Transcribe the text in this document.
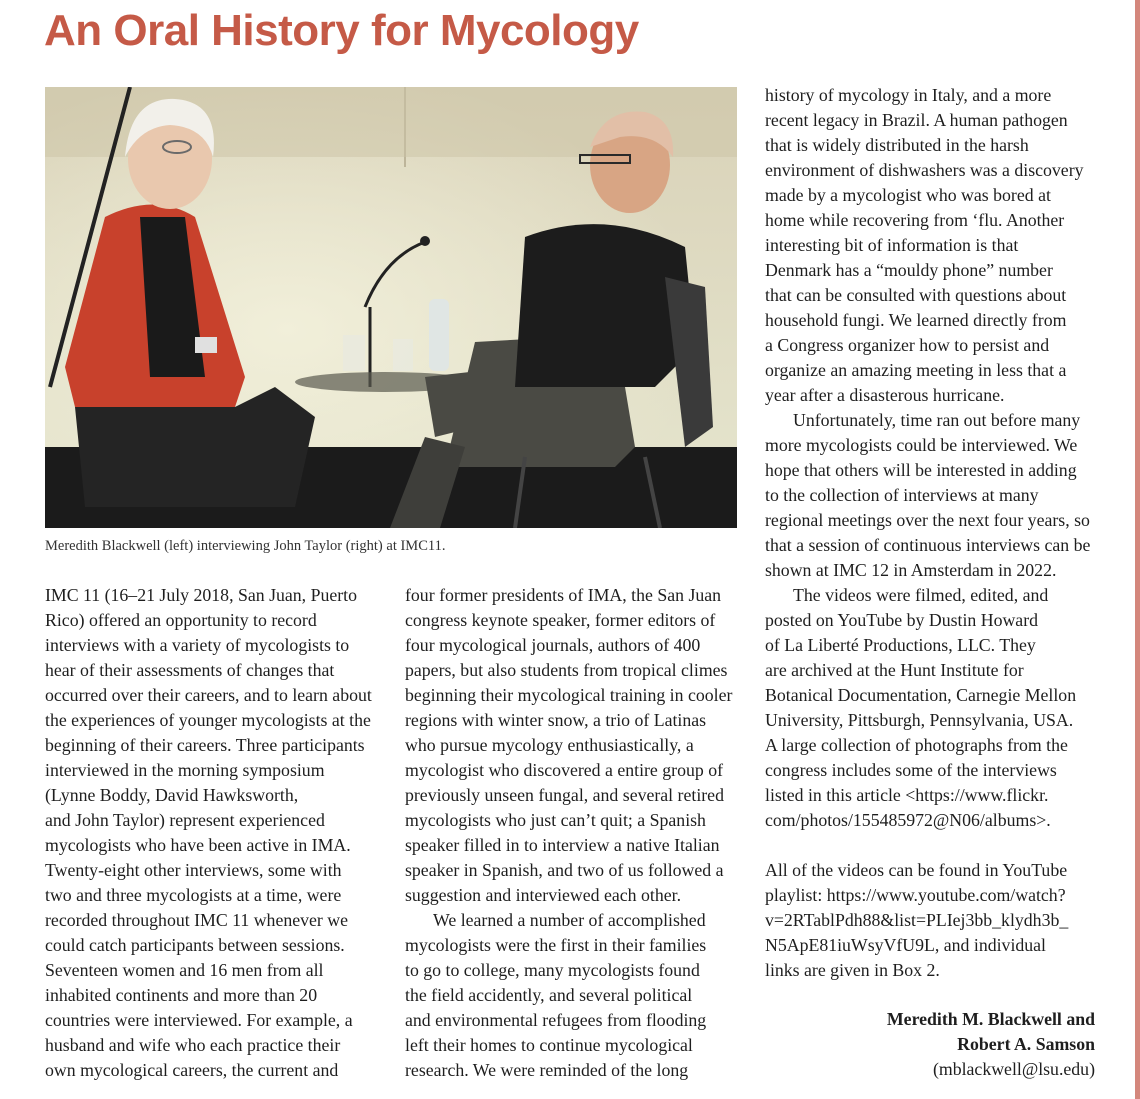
An Oral History for Mycology
Meredith Blackwell (left) interviewing John Taylor (right) at IMC11.
IMC 11 (16–21 July 2018, San Juan, Puerto
Rico) offered an opportunity to record
interviews with a variety of mycologists to
hear of their assessments of changes that
occurred over their careers, and to learn about
the experiences of younger mycologists at the
beginning of their careers. Three participants
interviewed in the morning symposium
(Lynne Boddy, David Hawksworth,
and John Taylor) represent experienced
mycologists who have been active in IMA.
Twenty-eight other interviews, some with
two and three mycologists at a time, were
recorded throughout IMC 11 whenever we
could catch participants between sessions.
Seventeen women and 16 men from all
inhabited continents and more than 20
countries were interviewed. For example, a
husband and wife who each practice their
own mycological careers, the current and
four former presidents of IMA, the San Juan
congress keynote speaker, former editors of
four mycological journals, authors of 400
papers, but also students from tropical climes
beginning their mycological training in cooler
regions with winter snow, a trio of Latinas
who pursue mycology enthusiastically, a
mycologist who discovered a entire group of
previously unseen fungal, and several retired
mycologists who just can’t quit; a Spanish
speaker filled in to interview a native Italian
speaker in Spanish, and two of us followed a
suggestion and interviewed each other.
We learned a number of accomplished
mycologists were the first in their families
to go to college, many mycologists found
the field accidently, and several political
and environmental refugees from flooding
left their homes to continue mycological
research. We were reminded of the long
history of mycology in Italy, and a more
recent legacy in Brazil. A human pathogen
that is widely distributed in the harsh
environment of dishwashers was a discovery
made by a mycologist who was bored at
home while recovering from ‘flu. Another
interesting bit of information is that
Denmark has a “mouldy phone” number
that can be consulted with questions about
household fungi. We learned directly from
a Congress organizer how to persist and
organize an amazing meeting in less that a
year after a disasterous hurricane.
Unfortunately, time ran out before many
more mycologists could be interviewed. We
hope that others will be interested in adding
to the collection of interviews at many
regional meetings over the next four years, so
that a session of continuous interviews can be
shown at IMC 12 in Amsterdam in 2022.
The videos were filmed, edited, and
posted on YouTube by Dustin Howard
of La Liberté Productions, LLC. They
are archived at the Hunt Institute for
Botanical Documentation, Carnegie Mellon
University, Pittsburgh, Pennsylvania, USA.
A large collection of photographs from the
congress includes some of the interviews
listed in this article <https://www.flickr.
com/photos/155485972@N06/albums>.
All of the videos can be found in YouTube
playlist: https://www.youtube.com/watch?
v=2RTablPdh88&list=PLIej3bb_klydh3b_
N5ApE81iuWsyVfU9L, and individual
links are given in Box 2.
Meredith M. Blackwell and
Robert A. Samson
(mblackwell@lsu.edu)
